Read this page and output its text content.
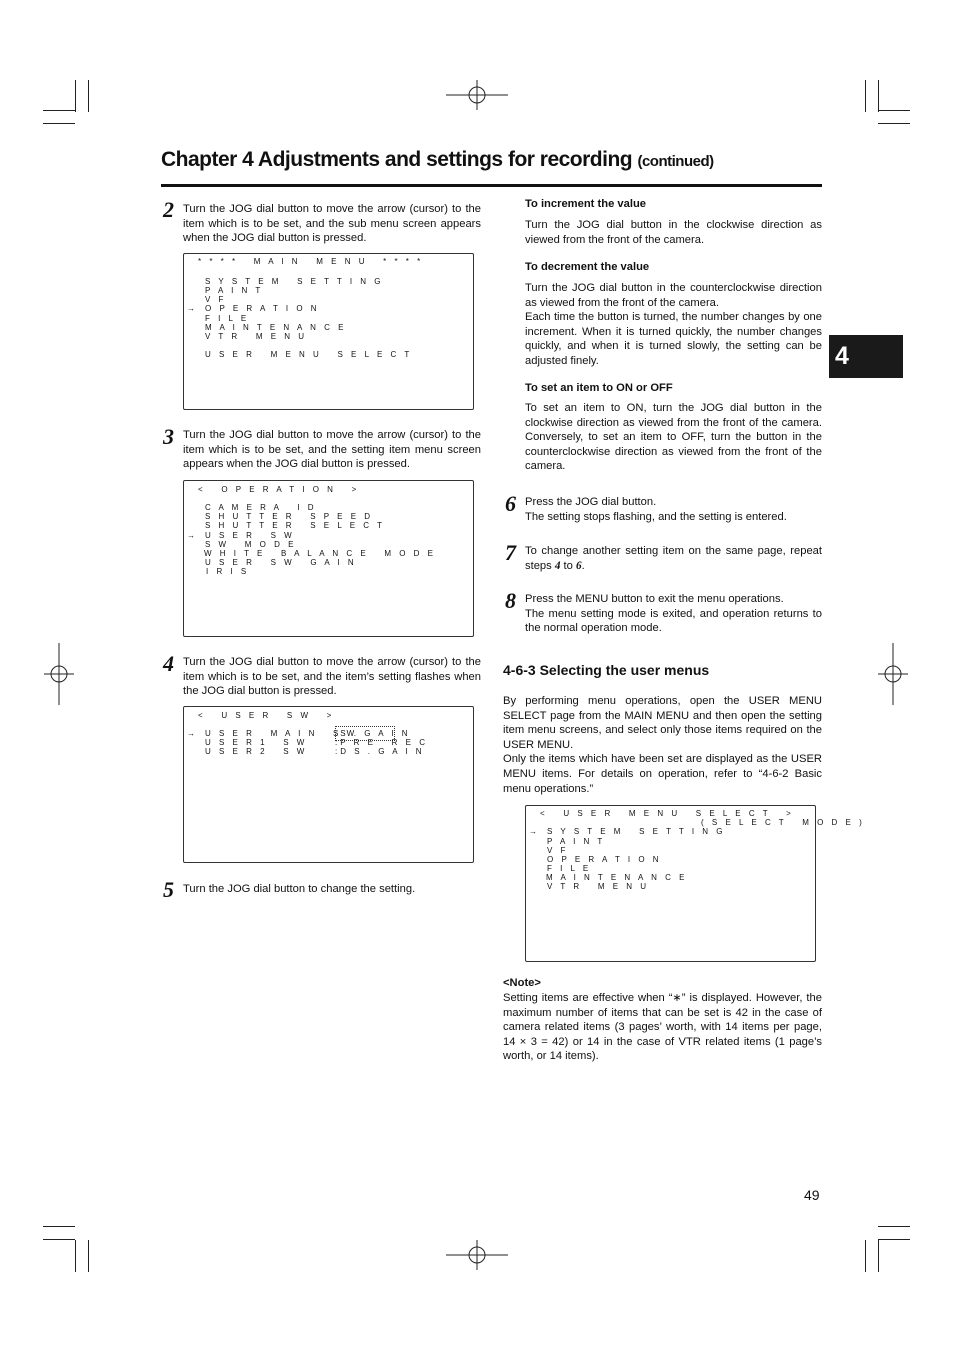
Chapter 4 Adjustments and settings for recording (continued)
4
2 Turn the JOG dial button to move the arrow (cursor) to the item which is to be set, and the sub menu screen appears when the JOG dial button is pressed.
* * * *   M A I N   M E N U   * * * *
→
S Y S T E M   S E T T I N G
P A I N T
V F
O P E R A T I O N
F I L E
M A I N T E N A N C E
V T R   M E N U
U S E R   M E N U   S E L E C T
3 Turn the JOG dial button to move the arrow (cursor) to the item which is to be set, and the setting item menu screen appears when the JOG dial button is pressed.
<   O P E R A T I O N   >
→
C A M E R A   I D
S H U T T E R   S P E E D
S H U T T E R   S E L E C T
U S E R   S W
S W   M O D E
W H I T E   B A L A N C E   M O D E
U S E R   S W   G A I N
I R I S
4 Turn the JOG dial button to move the arrow (cursor) to the item which is to be set, and the item’s setting flashes when the JOG dial button is pressed.
<   U S E R   S W   >
→ U S E R   M A I N   S W
U S E R 1   S W
U S E R 2   S W
:S . G A I N
:P R E   R E C
:D S . G A I N
5 Turn the JOG dial button to change the setting.
To increment the value
Turn the JOG dial button in the clockwise direction as viewed from the front of the camera.
To decrement the value
Turn the JOG dial button in the counterclockwise direction as viewed from the front of the camera.
Each time the button is turned, the number changes by one increment. When it is turned quickly, the number changes quickly, and when it is turned slowly, the setting can be adjusted finely.
To set an item to ON or OFF
To set an item to ON, turn the JOG dial button in the clockwise direction as viewed from the front of the camera. Conversely, to set an item to OFF, turn the button in the counterclockwise direction as viewed from the front of the camera.
6 Press the JOG dial button.
The setting stops flashing, and the setting is entered.
7 To change another setting item on the same page, repeat steps 4 to 6.
8 Press the MENU button to exit the menu operations.
The menu setting mode is exited, and operation returns to the normal operation mode.
4-6-3 Selecting the user menus
By performing menu operations, open the USER MENU SELECT page from the MAIN MENU and then open the setting item menu screens, and select only those items required on the USER MENU.
Only the items which have been set are displayed as the USER MENU items. For details on operation, refer to “4-6-2 Basic menu operations.”
<   U S E R   M E N U   S E L E C T   >
( S E L E C T   M O D E )
→ S Y S T E M   S E T T I N G
P A I N T
V F
O P E R A T I O N
F I L E
M A I N T E N A N C E
V T R   M E N U
<Note>
Setting items are effective when “∗” is displayed. However, the maximum number of items that can be set is 42 in the case of camera related items (3 pages’ worth, with 14 items per page, 14 × 3 = 42) or 14 in the case of VTR related items (1 page’s worth, or 14 items).
49
